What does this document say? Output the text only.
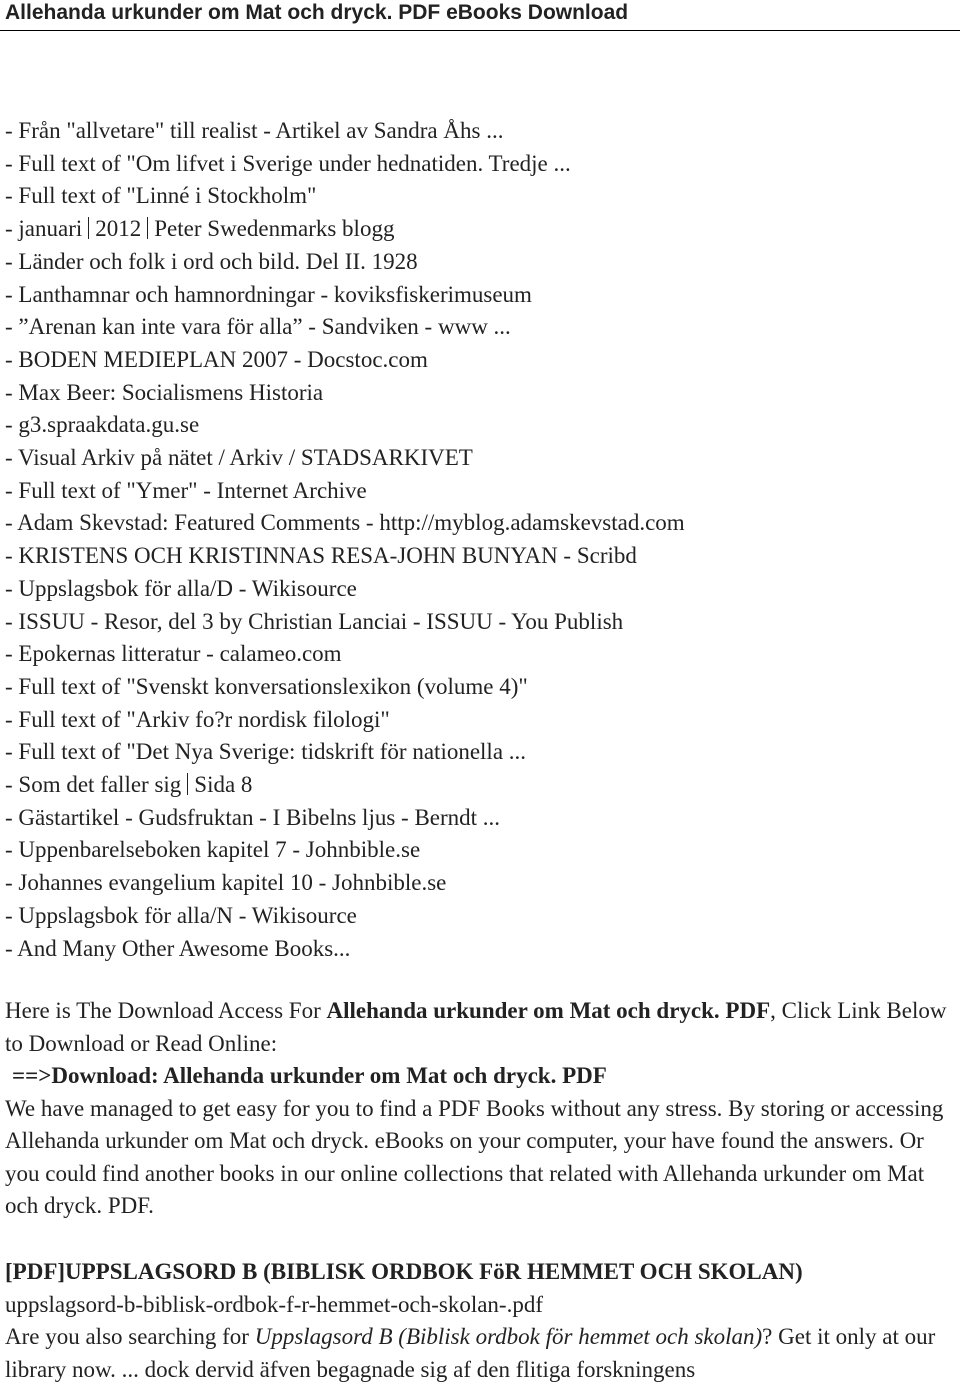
Allehanda urkunder om Mat och dryck. PDF eBooks Download
- Från "allvetare" till realist - Artikel av Sandra Åhs ...
- Full text of "Om lifvet i Sverige under hednatiden. Tredje ...
- Full text of "Linné i Stockholm"
- januari 2012 Peter Swedenmarks blogg
- Länder och folk i ord och bild. Del II. 1928
- Lanthamnar och hamnordningar - koviksfiskerimuseum
- ”Arenan kan inte vara för alla” - Sandviken - www ...
- BODEN MEDIEPLAN 2007 - Docstoc.com
- Max Beer: Socialismens Historia
- g3.spraakdata.gu.se
- Visual Arkiv på nätet / Arkiv / STADSARKIVET
- Full text of "Ymer" - Internet Archive
- Adam Skevstad: Featured Comments - http://myblog.adamskevstad.com
- KRISTENS OCH KRISTINNAS RESA-JOHN BUNYAN - Scribd
- Uppslagsbok för alla/D - Wikisource
- ISSUU - Resor, del 3 by Christian Lanciai - ISSUU - You Publish
- Epokernas litteratur - calameo.com
- Full text of "Svenskt konversationslexikon (volume 4)"
- Full text of "Arkiv fo?r nordisk filologi"
- Full text of "Det Nya Sverige: tidskrift för nationella ...
- Som det faller sig Sida 8
- Gästartikel - Gudsfruktan - I Bibelns ljus - Berndt ...
- Uppenbarelseboken kapitel 7 - Johnbible.se
- Johannes evangelium kapitel 10 - Johnbible.se
- Uppslagsbok för alla/N - Wikisource
- And Many Other Awesome Books...

Here is The Download Access For Allehanda urkunder om Mat och dryck. PDF, Click Link Below to Download or Read Online:

==>Download: Allehanda urkunder om Mat och dryck. PDF

We have managed to get easy for you to find a PDF Books without any stress. By storing or accessing Allehanda urkunder om Mat och dryck. eBooks on your computer, your have found the answers. Or you could find another books in our online collections that related with Allehanda urkunder om Mat och dryck. PDF.

[PDF]UPPSLAGSORD B (BIBLISK ORDBOK FöR HEMMET OCH SKOLAN)

uppslagsord-b-biblisk-ordbok-f-r-hemmet-och-skolan-.pdf

Are you also searching for Uppslagsord B (Biblisk ordbok för hemmet och skolan)? Get it only at our library now. ... dock dervid äfven begagnade sig af den flitiga forskningens
